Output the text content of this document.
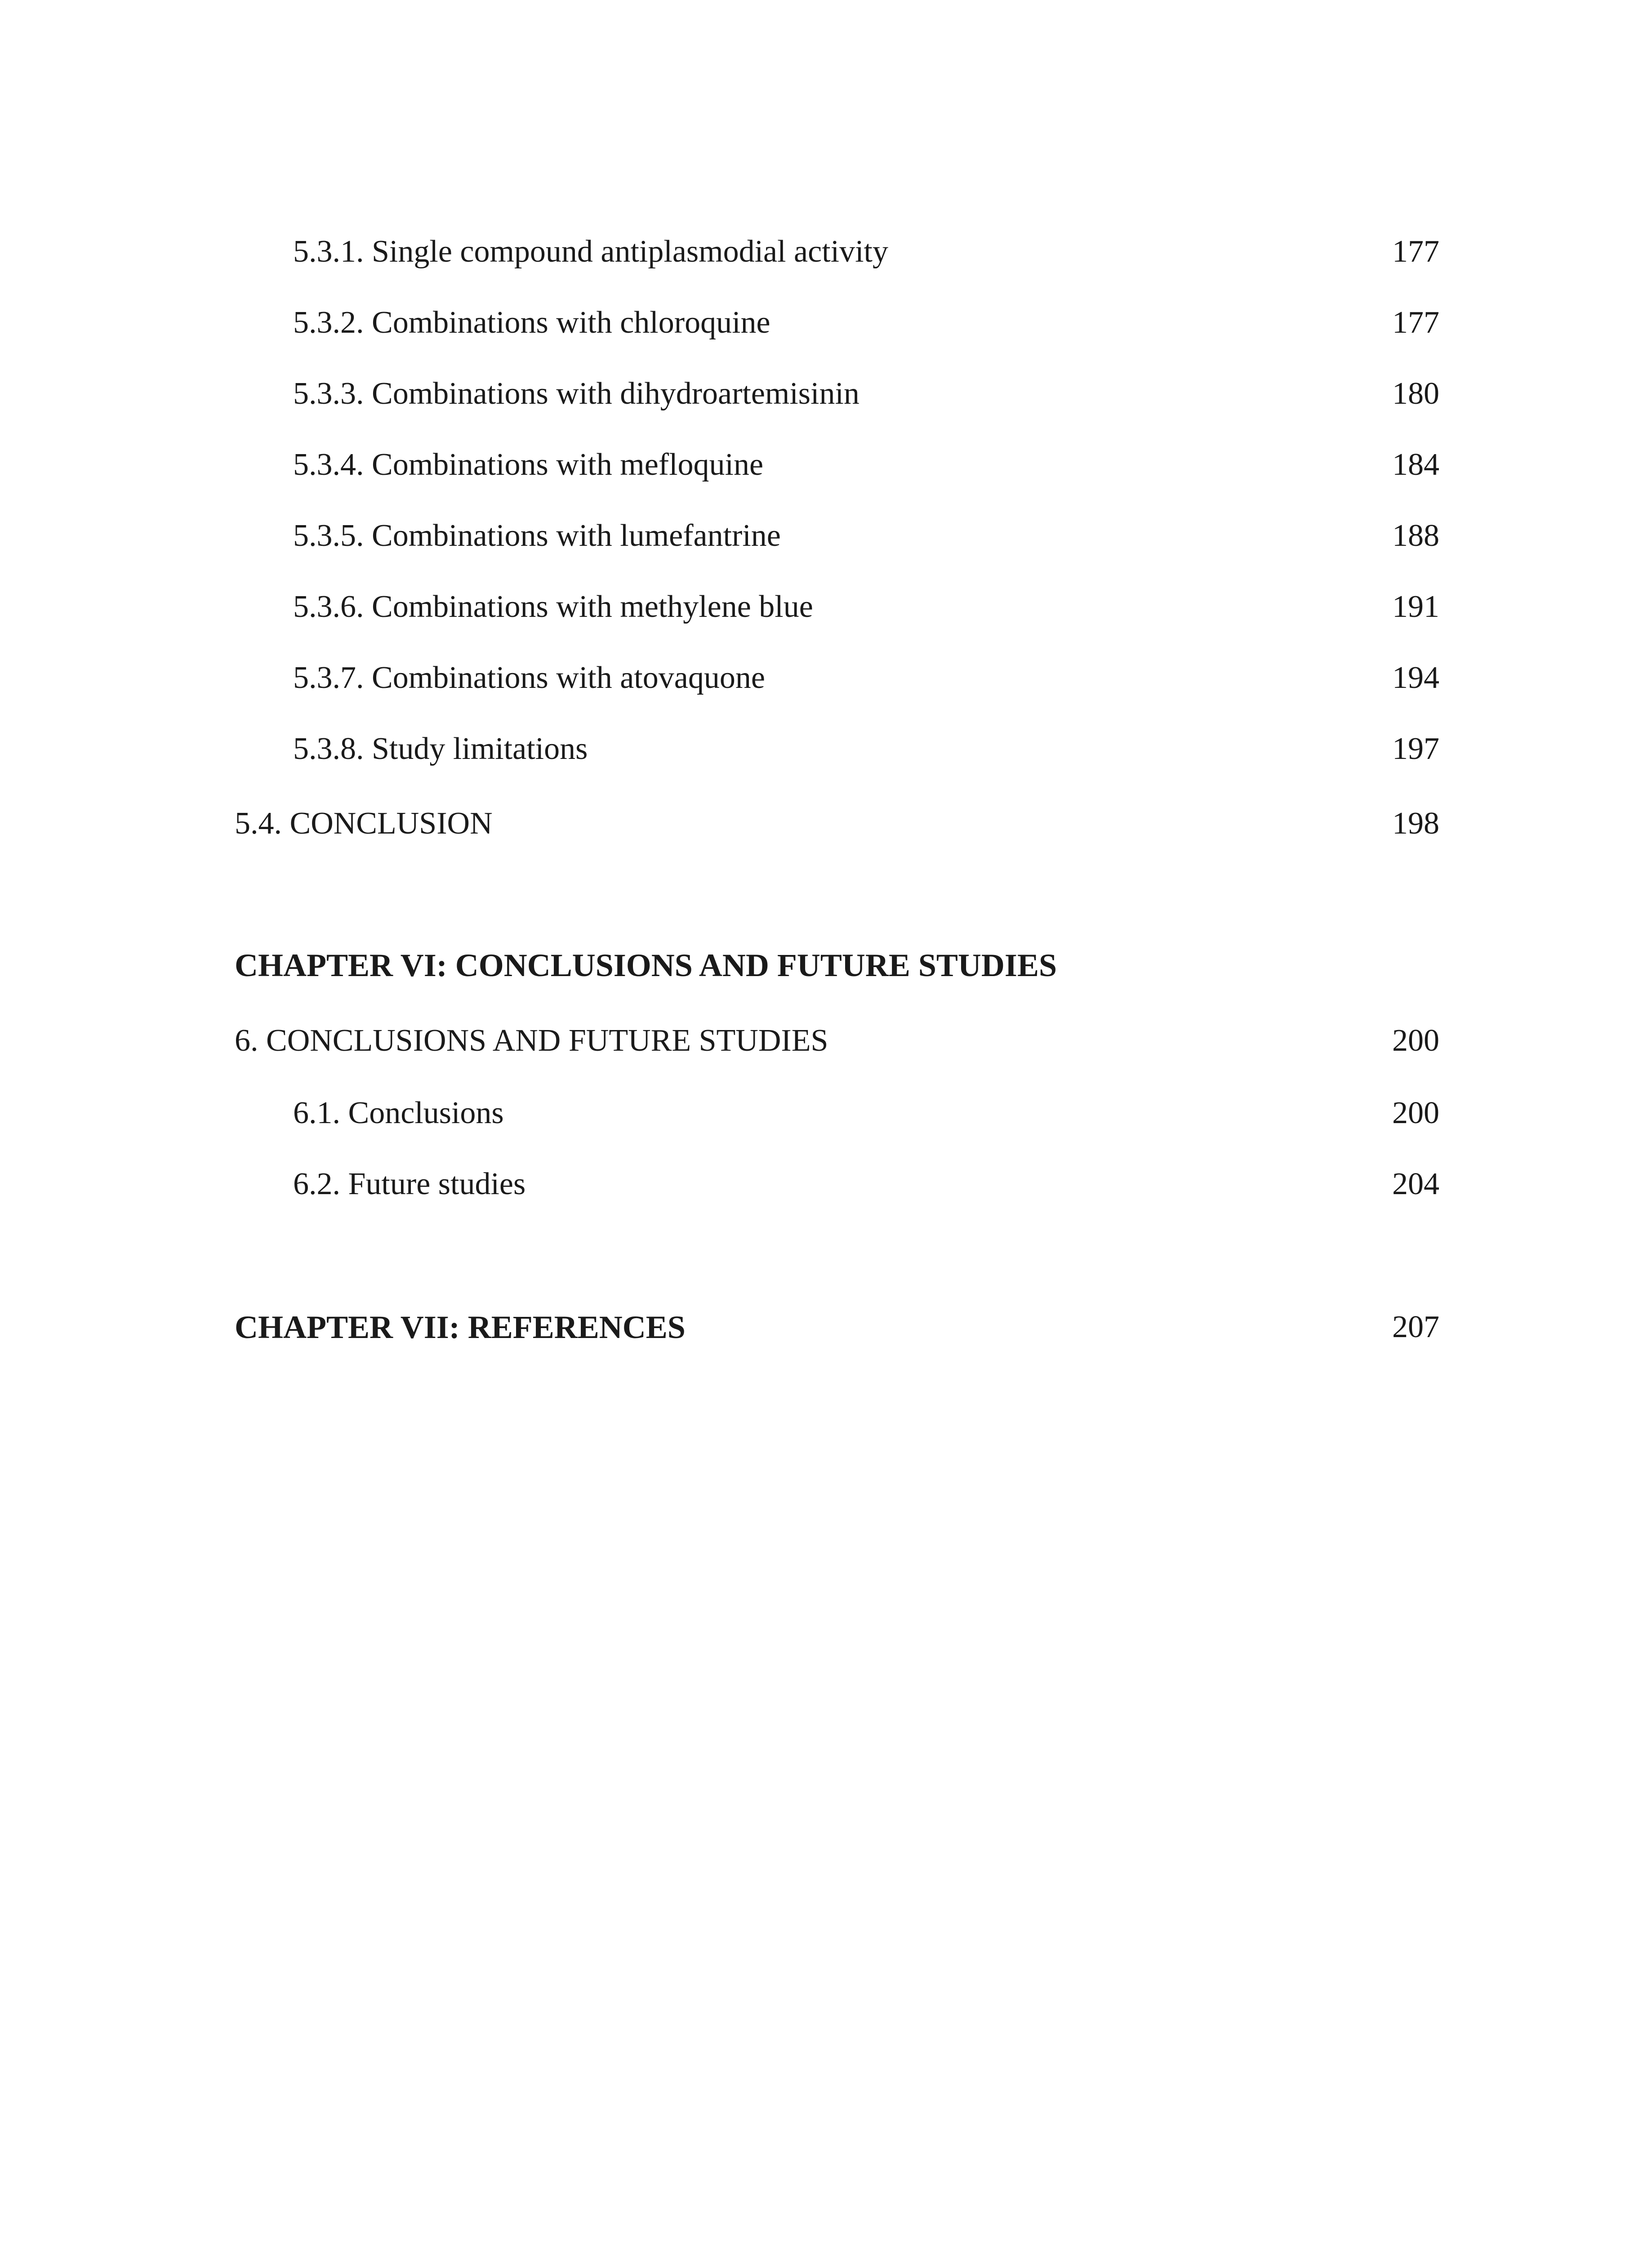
5.3.1. Single compound antiplasmodial activity	177
5.3.2. Combinations with chloroquine	177
5.3.3. Combinations with dihydroartemisinin	180
5.3.4. Combinations with mefloquine	184
5.3.5. Combinations with lumefantrine	188
5.3.6. Combinations with methylene blue	191
5.3.7. Combinations with atovaquone	194
5.3.8. Study limitations	197
5.4. CONCLUSION	198
CHAPTER VI: CONCLUSIONS AND FUTURE STUDIES
6. CONCLUSIONS AND FUTURE STUDIES	200
6.1. Conclusions	200
6.2. Future studies	204
CHAPTER VII: REFERENCES	207
